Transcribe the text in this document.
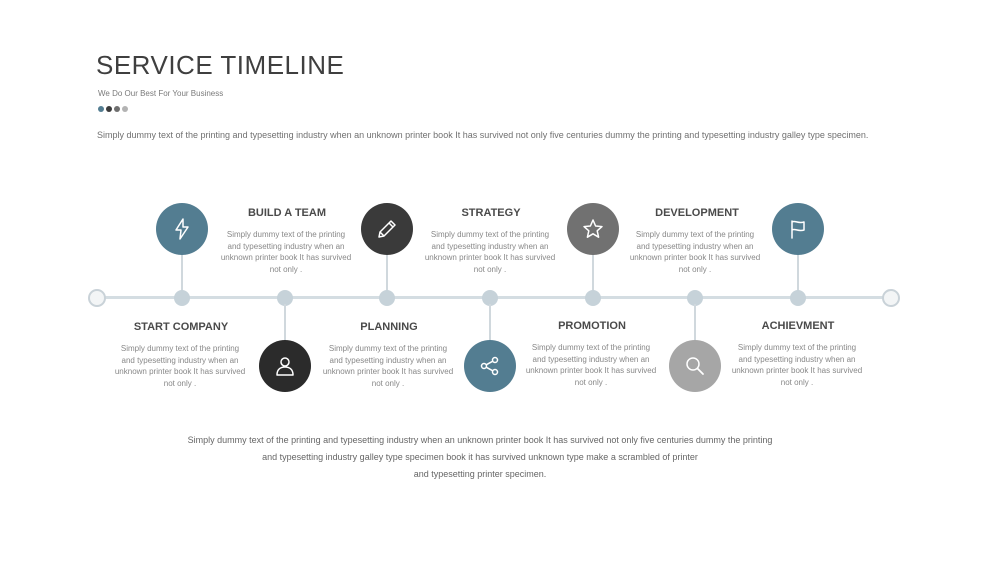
SERVICE TIMELINE
We Do Our Best For Your Business

Simply dummy text of the printing and typesetting industry when an unknown printer book It has survived not only five centuries dummy the printing and typesetting industry galley type specimen.

START COMPANY

Simply dummy text of the printing and typesetting industry when an unknown printer book It has survived not only .

BUILD A TEAM

Simply dummy text of the printing and typesetting industry when an unknown printer book It has survived not only .

PLANNING

Simply dummy text of the printing and typesetting industry when an unknown printer book It has survived not only .

STRATEGY

Simply dummy text of the printing and typesetting industry when an unknown printer book It has survived not only .

PROMOTION

Simply dummy text of the printing and typesetting industry when an unknown printer book It has survived not only .

DEVELOPMENT

Simply dummy text of the printing and typesetting industry when an unknown printer book It has survived not only .

ACHIEVMENT

Simply dummy text of the printing and typesetting industry when an unknown printer book It has survived not only .

Simply dummy text of the printing and typesetting industry when an unknown printer book It has survived not only five centuries dummy the printing
and typesetting industry galley type specimen book it has survived unknown type make a scrambled of printer
and typesetting printer specimen.
